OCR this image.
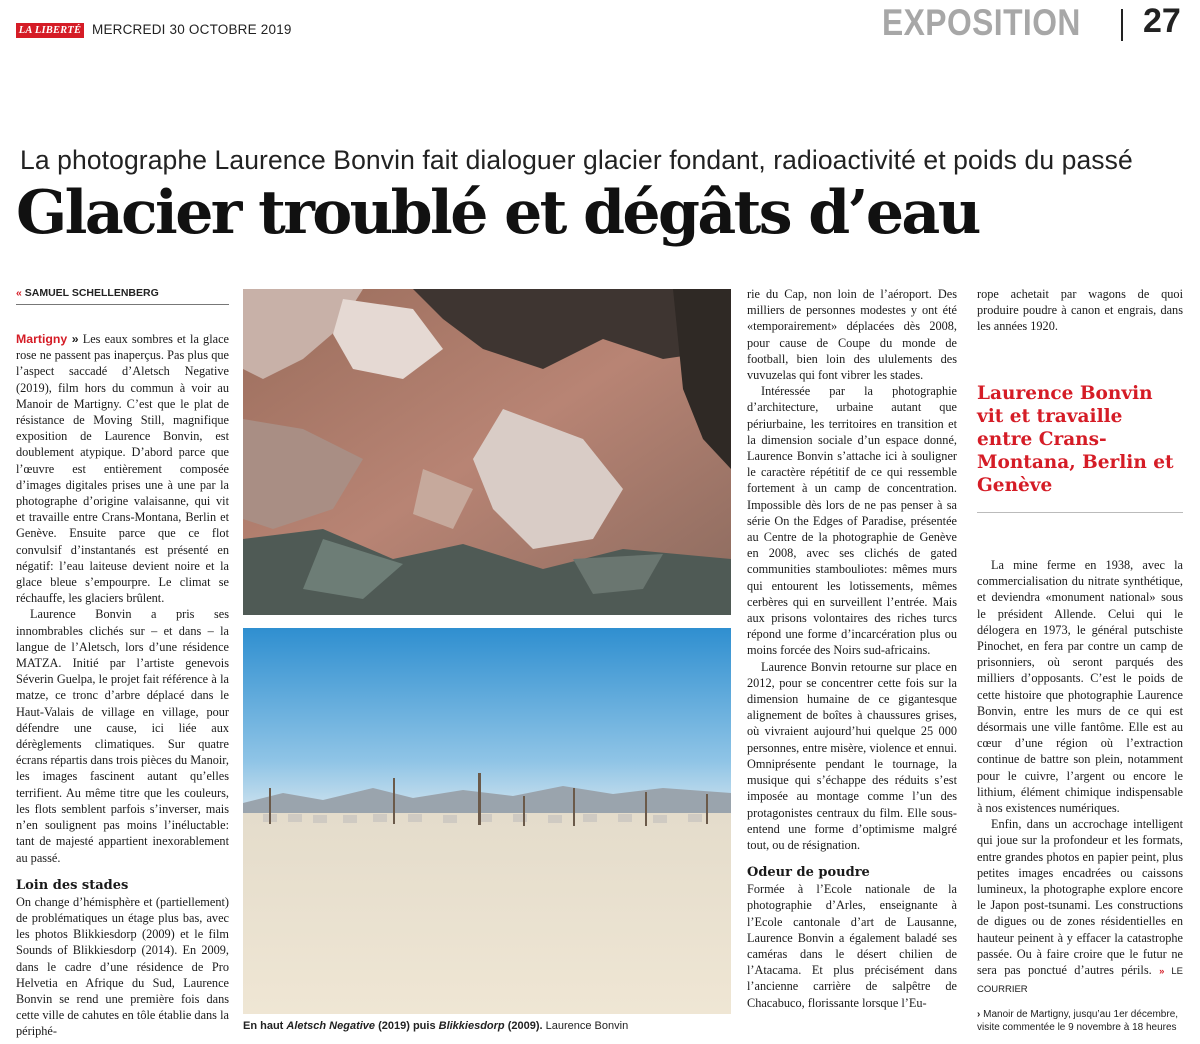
LA LIBERTÉ MERCREDI 30 OCTOBRE 2019	EXPOSITION 27
La photographe Laurence Bonvin fait dialoguer glacier fondant, radioactivité et poids du passé
Glacier troublé et dégâts d’eau
« SAMUEL SCHELLENBERG

Martigny » Les eaux sombres et la glace rose ne passent pas inaperçus. Pas plus que l’aspect saccadé d’Aletsch Negative (2019), film hors du commun à voir au Manoir de Martigny. C’est que le plat de résistance de Moving Still, magnifique exposition de Laurence Bonvin, est doublement atypique. D’abord parce que l’œuvre est entièrement composée d’images digitales prises une à une par la photographe d’origine valaisanne, qui vit et travaille entre Crans-Montana, Berlin et Genève. Ensuite parce que ce flot convulsif d’instantanés est présenté en négatif: l’eau laiteuse devient noire et la glace bleue s’empourpre. Le climat se réchauffe, les glaciers brûlent.

Laurence Bonvin a pris ses innombrables clichés sur – et dans – la langue de l’Aletsch, lors d’une résidence MATZA. Initié par l’artiste genevois Séverin Guelpa, le projet fait référence à la matze, ce tronc d’arbre déplacé dans le Haut-Valais de village en village, pour défendre une cause, ici liée aux dérèglements climatiques. Sur quatre écrans répartis dans trois pièces du Manoir, les images fascinent autant qu’elles terrifient. Au même titre que les couleurs, les flots semblent parfois s’inverser, mais n’en soulignent pas moins l’inéluctable: tant de majesté appartient inexorablement au passé.

Loin des stades

On change d’hémisphère et (partiellement) de problématiques un étage plus bas, avec les photos Blikkiesdorp (2009) et le film Sounds of Blikkiesdorp (2014). En 2009, dans le cadre d’une résidence de Pro Helvetia en Afrique du Sud, Laurence Bonvin se rend une première fois dans cette ville de cahutes en tôle établie dans la périphé-	En haut Aletsch Negative (2019) puis Blikkiesdorp (2009). Laurence Bonvin

rie du Cap, non loin de l’aéroport. Des milliers de personnes modestes y ont été «temporairement» déplacées dès 2008, pour cause de Coupe du monde de football, bien loin des ululements des vuvuzelas qui font vibrer les stades.

Intéressée par la photographie d’architecture, urbaine autant que périurbaine, les territoires en transition et la dimension sociale d’un espace donné, Laurence Bonvin s’attache ici à souligner le caractère répétitif de ce qui ressemble fortement à un camp de concentration. Impossible dès lors de ne pas penser à sa série On the Edges of Paradise, présentée au Centre de la photographie de Genève en 2008, avec ses clichés de gated communities stambouliotes: mêmes murs qui entourent les lotissements, mêmes cerbères qui en surveillent l’entrée. Mais aux prisons volontaires des riches turcs répond une forme d’incarcération plus ou moins forcée des Noirs sud-africains.

Laurence Bonvin retourne sur place en 2012, pour se concentrer cette fois sur la dimension humaine de ce gigantesque alignement de boîtes à chaussures grises, où vivraient aujourd’hui quelque 25 000 personnes, entre misère, violence et ennui. Omniprésente pendant le tournage, la musique qui s’échappe des réduits s’est imposée au montage comme l’un des protagonistes centraux du film. Elle sous-entend une forme d’optimisme malgré tout, ou de résignation.

Odeur de poudre

Formée à l’Ecole nationale de la photographie d’Arles, enseignante à l’Ecole cantonale d’art de Lausanne, Laurence Bonvin a également baladé ses caméras dans le désert chilien de l’Atacama. Et plus précisément dans l’ancienne carrière de salpêtre de Chacabuco, florissante lorsque l’Eu-

rope achetait par wagons de quoi produire poudre à canon et engrais, dans les années 1920.

Laurence Bonvin vit et travaille entre Crans-Montana, Berlin et Genève

La mine ferme en 1938, avec la commercialisation du nitrate synthétique, et deviendra «monument national» sous le président Allende. Celui qui le délogera en 1973, le général putschiste Pinochet, en fera par contre un camp de prisonniers, où seront parqués des milliers d’opposants. C’est le poids de cette histoire que photographie Laurence Bonvin, entre les murs de ce qui est désormais une ville fantôme. Elle est au cœur d’une région où l’extraction continue de battre son plein, notamment pour le cuivre, l’argent ou encore le lithium, élément chimique indispensable à nos existences numériques.

Enfin, dans un accrochage intelligent qui joue sur la profondeur et les formats, entre grandes photos en papier peint, plus petites images encadrées ou caissons lumineux, la photographe explore encore le Japon post-tsunami. Les constructions de digues ou de zones résidentielles en hauteur peinent à y effacer la catastrophe passée. Ou à faire croire que le futur ne sera pas ponctué d’autres périls. » LE COURRIER

› Manoir de Martigny, jusqu’au 1er décembre,
visite commentée le 9 novembre à 18 heures
